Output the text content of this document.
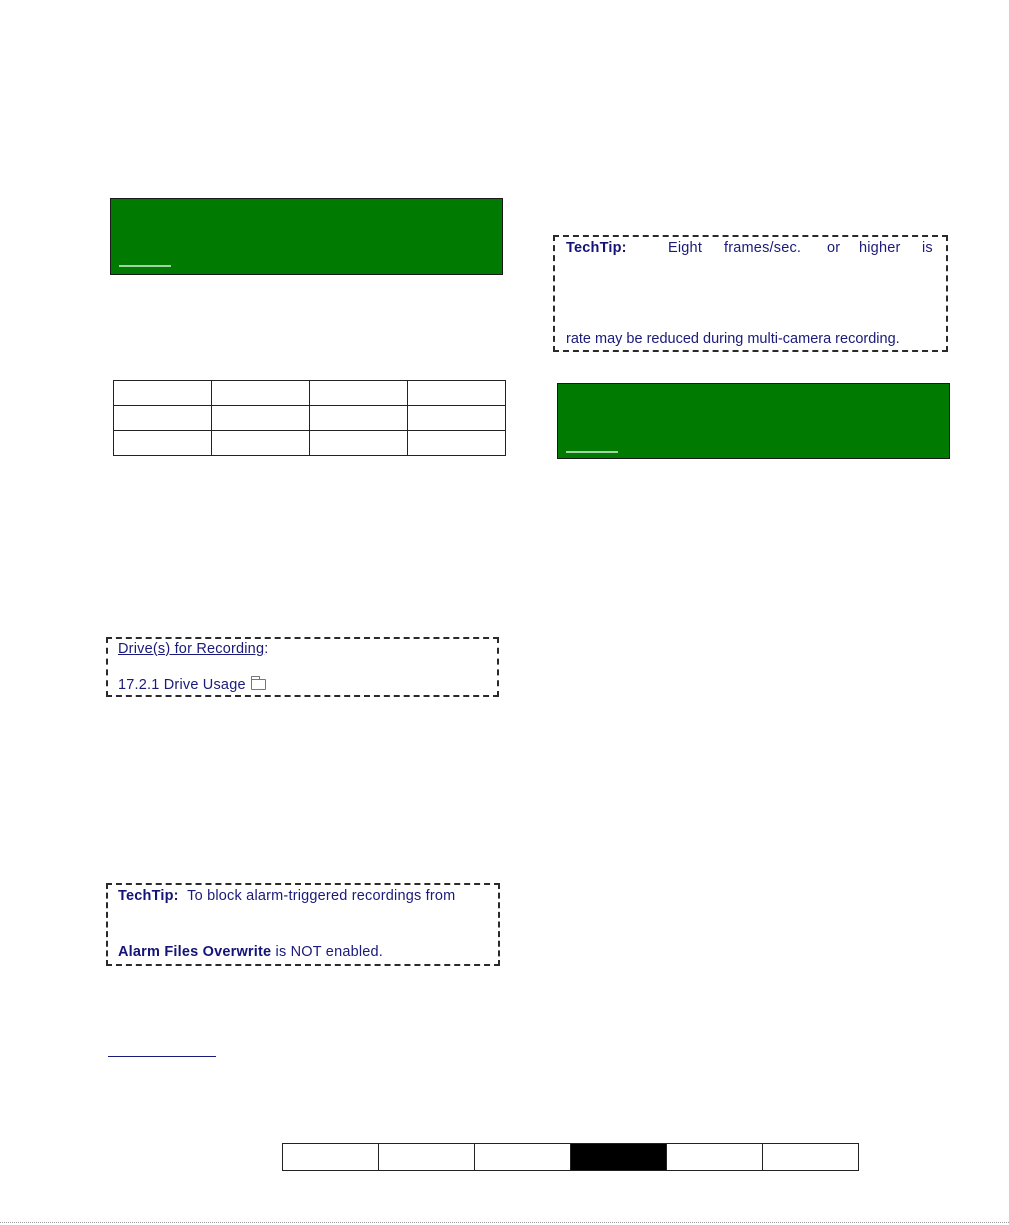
TechTip:	Eight frames/sec. or higher is
rate may be reduced during multi-camera recording.

Drive(s) for Recording:
17.2.1 Drive Usage
TechTip: To block alarm-triggered recordings from
Alarm Files Overwrite is NOT enabled.
